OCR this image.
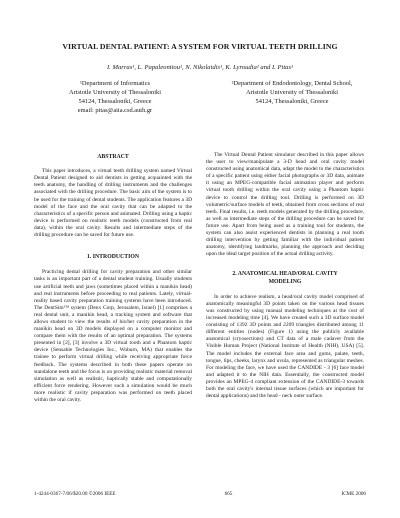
VIRTUAL DENTAL PATIENT: A SYSTEM FOR VIRTUAL TEETH DRILLING
I. Marras¹, L. Papaleontiou¹, N. Nikolaidis¹, K. Lyroudia² and I. Pitas¹
¹Department of Informatics
Aristotle University of Thessaloniki
54124, Thessaloniki, Greece
email: pitas@aiia.csd.auth.gr
²Department of Endodontology, Dental School,
Aristotle University of Thessaloniki
54124, Thessaloniki, Greece

ABSTRACT

This paper introduces, a virtual teeth drilling system named Virtual Dental Patient designed to aid dentists in getting acquainted with the teeth anatomy, the handling of drilling instruments and the challenges associated with the drilling procedure. The basic aim of the system is to be used for the training of dental students. The application features a 3D model of the face and the oral cavity that can be adapted to the characteristics of a specific person and animated. Drilling using a haptic device is performed on realistic teeth models (constructed from real data), within the oral cavity. Results and intermediate steps of the drilling procedure can be saved for future use.

1. INTRODUCTION

Practicing dental drilling for cavity preparation and other similar tasks is an important part of a dental student training. Usually students use artificial teeth and jaws (sometimes placed within a manikin head) and real instruments before proceeding to real patients. Lately, virtual-reality based cavity preparation training systems have been introduced. The DentSim™ system (Denx Corp, Jerusalem, Israel) [1] comprises a real dental unit, a manikin head, a tracking system and software that allows student to view the results of his/her cavity preparation in the manikin head on 3D models displayed on a computer monitor and compare them with the results of an optimal preparation. The systems presented in [2], [3] involve a 3D virtual tooth and a Phantom haptic device (Sensable Technologies Inc., Woburn, MA) that enables the trainee to perform virtual drilling while receiving appropriate force feedback. The systems described in both these papers operate on standalone teeth and the focus is on providing realistic material removal simulation as well as realistic, haptically stable and computationally efficient force rendering. However such a simulation would be much more realistic if cavity preparation was performed on teeth placed within the oral cavity.

The Virtual Dental Patient simulator described in this paper allows the user to view/manipulate a 3-D head and oral cavity model constructed using anatomical data, adapt the model to the characteristics of a specific patient using either facial photographs or 3D data, animate it using an MPEG-compatible facial animation player and perform virtual tooth drilling within the oral cavity using a Phantom haptic device to control the drilling tool. Drilling is performed on 3D volumetric/surface models of teeth, obtained from cross sections of real teeth. Final results, i.e. teeth models generated by the drilling procedure, as well as intermediate steps of the drilling procedure can be saved for future use. Apart from being used as a training tool for students, the system can also assist experienced dentists in planning a real tooth drilling intervention by getting familiar with the individual patient anatomy, identifying landmarks, planning the approach and deciding upon the ideal target position of the actual drilling activity.

2. ANATOMICAL HEAD/ORAL CAVITY

MODELING

In order to achieve realism, a head/oral cavity model comprised of anatomically meaningful 3D points taken on the various head tissues was constructed by using manual modeling techniques at the cost of increased modeling time [4]. We have created such a 3D surface model consisting of 1392 3D points and 2209 triangles distributed among 11 different entities (nodes) (Figure 1) using the publicly available anatomical (cryosections) and CT data of a male cadaver from the Visible Human Project (National Institute of Health (NIH), USA) [5]. The model includes the external face area and gums, palate, teeth, tongue, lips, cheeks, larynx and uvula, represented as triangular meshes. For modeling the face, we have used the CANDIDE - 3 [6] face model and adapted it to the NIH data. Essentially, the constructed model provides an MPEG-4 compliant extension of the CANDIDE-3 towards both the oral cavity's internal tissue surfaces (which are important for dental applications) and the head - neck outer surface.

1-4244-0367-7/06/$20.00 ©2006 IEEE	665	ICME 2006
